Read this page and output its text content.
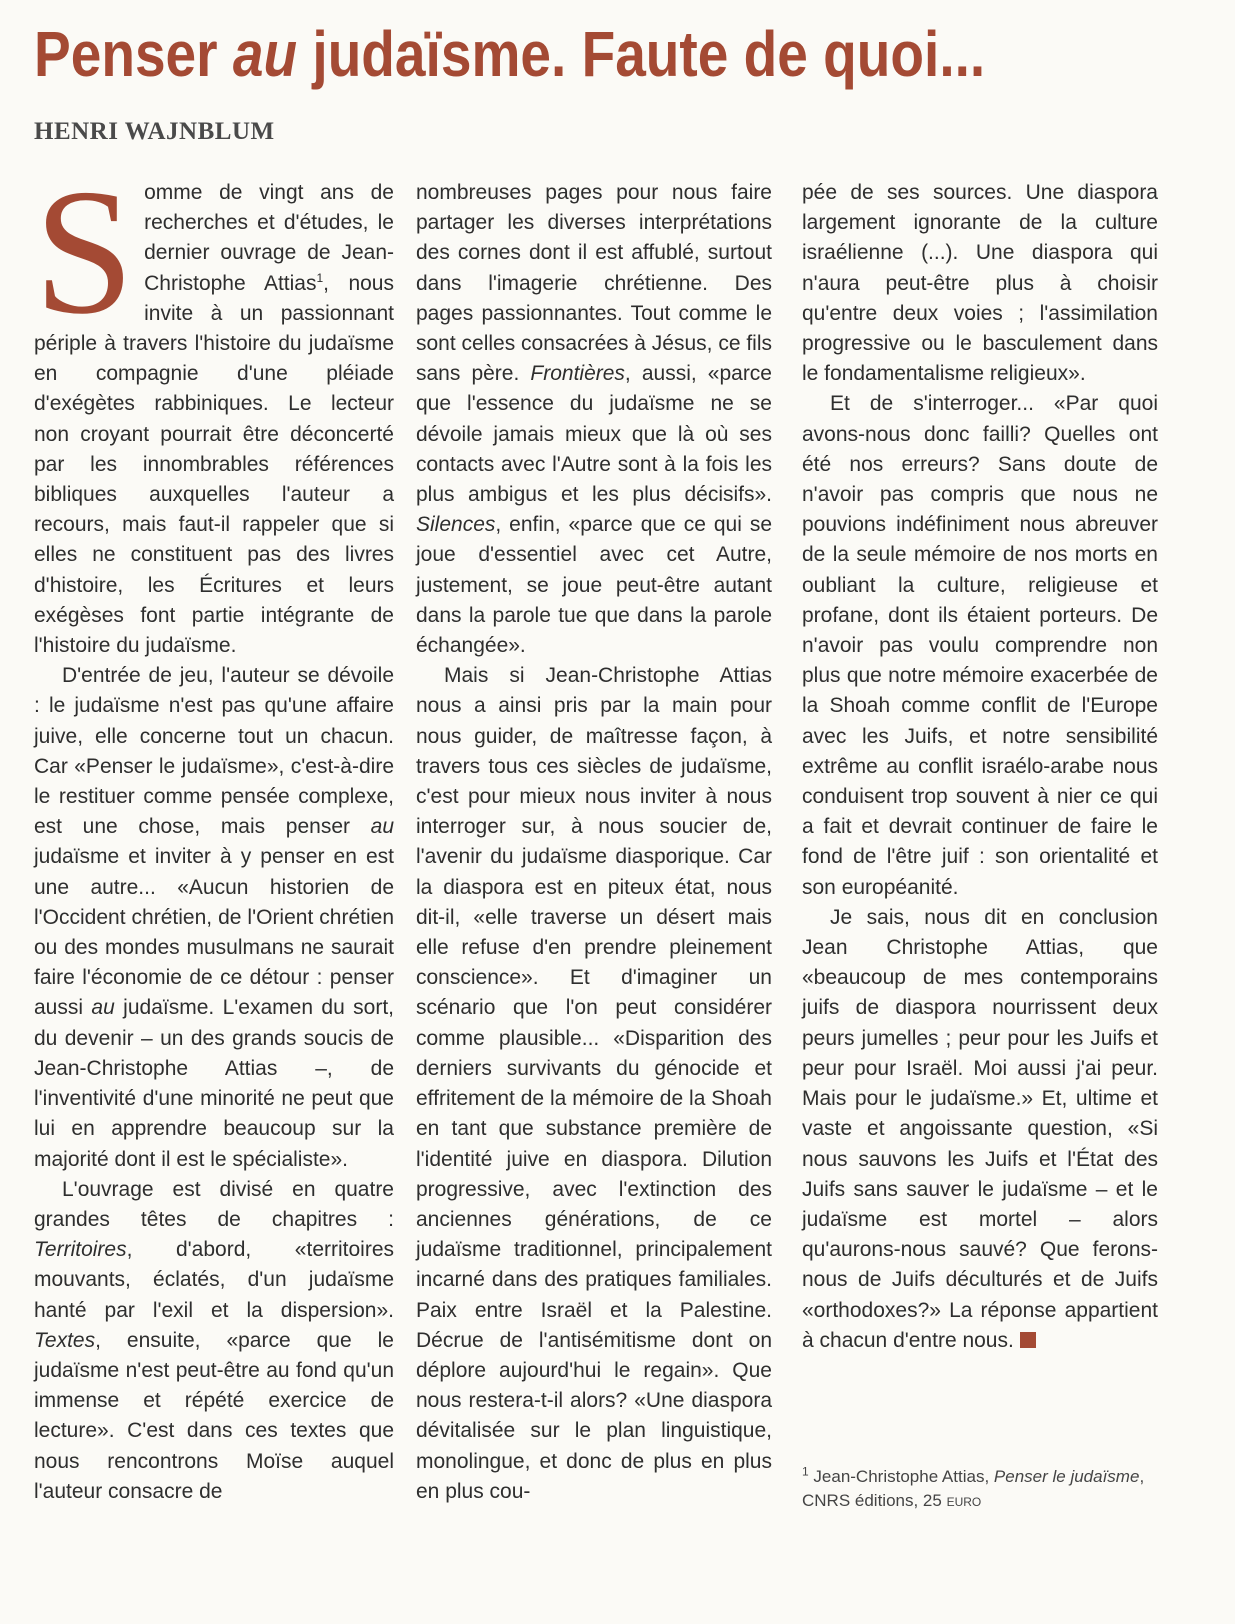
Penser au judaïsme. Faute de quoi...
HENRI WAJNBLUM

Somme de vingt ans de recherches et d'études, le dernier ouvrage de Jean-Christophe Attias$^1$, nous invite à un passionnant périple à travers l'histoire du judaïsme en compagnie d'une pléiade d'exégètes rabbiniques. Le lecteur non croyant pourrait être déconcerté par les innombrables références bibliques auxquelles l'auteur a recours, mais faut-il rappeler que si elles ne constituent pas des livres d'histoire, les Écritures et leurs exégèses font partie intégrante de l'histoire du judaïsme.

D'entrée de jeu, l'auteur se dévoile : le judaïsme n'est pas qu'une affaire juive, elle concerne tout un chacun. Car «Penser le judaïsme», c'est-à-dire le restituer comme pensée complexe, est une chose, mais penser au judaïsme et inviter à y penser en est une autre... «Aucun historien de l'Occident chrétien, de l'Orient chrétien ou des mondes musulmans ne saurait faire l'économie de ce détour : penser aussi au judaïsme. L'examen du sort, du devenir – un des grands soucis de Jean-Christophe Attias –, de l'inventivité d'une minorité ne peut que lui en apprendre beaucoup sur la majorité dont il est le spécialiste».

L'ouvrage est divisé en quatre grandes têtes de chapitres : Territoires, d'abord, «territoires mouvants, éclatés, d'un judaïsme hanté par l'exil et la dispersion». Textes, ensuite, «parce que le judaïsme n'est peut-être au fond qu'un immense et répété exercice de lecture». C'est dans ces textes que nous rencontrons Moïse auquel l'auteur consacre de

nombreuses pages pour nous faire partager les diverses interprétations des cornes dont il est affublé, surtout dans l'imagerie chrétienne. Des pages passionnantes. Tout comme le sont celles consacrées à Jésus, ce fils sans père. Frontières, aussi, «parce que l'essence du judaïsme ne se dévoile jamais mieux que là où ses contacts avec l'Autre sont à la fois les plus ambigus et les plus décisifs». Silences, enfin, «parce que ce qui se joue d'essentiel avec cet Autre, justement, se joue peut-être autant dans la parole tue que dans la parole échangée».

Mais si Jean-Christophe Attias nous a ainsi pris par la main pour nous guider, de maîtresse façon, à travers tous ces siècles de judaïsme, c'est pour mieux nous inviter à nous interroger sur, à nous soucier de, l'avenir du judaïsme diasporique. Car la diaspora est en piteux état, nous dit-il, «elle traverse un désert mais elle refuse d'en prendre pleinement conscience». Et d'imaginer un scénario que l'on peut considérer comme plausible... «Disparition des derniers survivants du génocide et effritement de la mémoire de la Shoah en tant que substance première de l'identité juive en diaspora. Dilution progressive, avec l'extinction des anciennes générations, de ce judaïsme traditionnel, principalement incarné dans des pratiques familiales. Paix entre Israël et la Palestine. Décrue de l'antisémitisme dont on déplore aujourd'hui le regain». Que nous restera-t-il alors? «Une diaspora dévitalisée sur le plan linguistique, monolingue, et donc de plus en plus en plus cou-

pée de ses sources. Une diaspora largement ignorante de la culture israélienne (...). Une diaspora qui n'aura peut-être plus à choisir qu'entre deux voies ; l'assimilation progressive ou le basculement dans le fondamentalisme religieux».

Et de s'interroger... «Par quoi avons-nous donc failli? Quelles ont été nos erreurs? Sans doute de n'avoir pas compris que nous ne pouvions indéfiniment nous abreuver de la seule mémoire de nos morts en oubliant la culture, religieuse et profane, dont ils étaient porteurs. De n'avoir pas voulu comprendre non plus que notre mémoire exacerbée de la Shoah comme conflit de l'Europe avec les Juifs, et notre sensibilité extrême au conflit israélo-arabe nous conduisent trop souvent à nier ce qui a fait et devrait continuer de faire le fond de l'être juif : son orientalité et son européanité.

Je sais, nous dit en conclusion Jean Christophe Attias, que «beaucoup de mes contemporains juifs de diaspora nourrissent deux peurs jumelles ; peur pour les Juifs et peur pour Israël. Moi aussi j'ai peur. Mais pour le judaïsme.» Et, ultime et vaste et angoissante question, «Si nous sauvons les Juifs et l'État des Juifs sans sauver le judaïsme – et le judaïsme est mortel – alors qu'aurons-nous sauvé? Que ferons-nous de Juifs déculturés et de Juifs «orthodoxes?» La réponse appartient à chacun d'entre nous.

$^1$ Jean-Christophe Attias, Penser le judaïsme, CNRS éditions, 25 EURO
